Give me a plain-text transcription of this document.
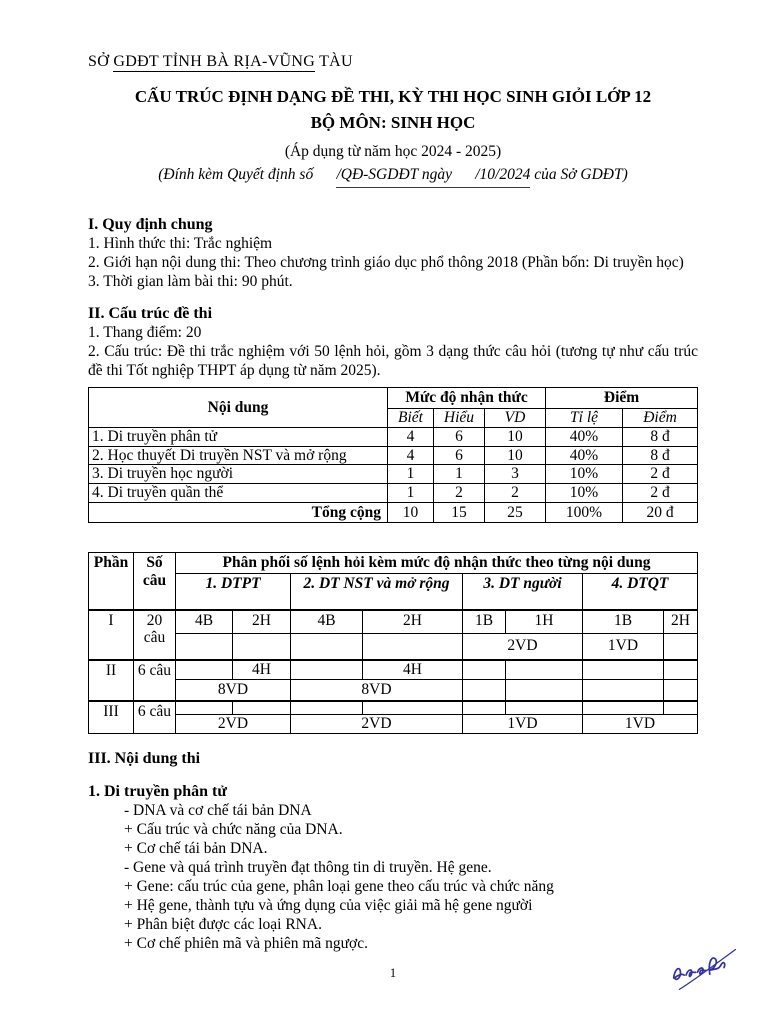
SỞ GDĐT TỈNH BÀ RỊA-VŨNG TÀU
CẤU TRÚC ĐỊNH DẠNG ĐỀ THI, KỲ THI HỌC SINH GIỎI LỚP 12
BỘ MÔN: SINH HỌC
(Áp dụng từ năm học 2024 - 2025)
(Đính kèm Quyết định số      /QĐ-SGDĐT ngày      /10/2024 của Sở GDĐT)
I. Quy định chung

1. Hình thức thi: Trắc nghiệm

2. Giới hạn nội dung thi: Theo chương trình giáo dục phổ thông 2018 (Phần bốn: Di truyền học)

3. Thời gian làm bài thi: 90 phút.

II. Cấu trúc đề thi

1. Thang điểm: 20

2. Cấu trúc: Đề thi trắc nghiệm với 50 lệnh hỏi, gồm 3 dạng thức câu hỏi (tương tự như cấu trúc đề thi Tốt nghiệp THPT áp dụng từ năm 2025).

Nội dung	Mức độ nhận thức			Điểm	
	Biết	Hiểu	VD	Tỉ lệ	Điểm
1. Di truyền phân tử	4	6	10	40%	8 đ
2. Học thuyết Di truyền NST và mở rộng	4	6	10	40%	8 đ
3. Di truyền học người	1	1	3	10%	2 đ
4. Di truyền quần thể	1	2	2	10%	2 đ
Tổng cộng	10	15	25	100%	20 đ
Phần	Số câu	Phân phối số lệnh hỏi kèm mức độ nhận thức theo từng nội dung							
		1. DTPT		2. DT NST và mở rộng		3. DT người		4. DTQT	
I	20 câu	4B	2H	4B	2H	1B	1H	1B	2H
						2VD		1VD	
II	6 câu		4H		4H				
		8VD		8VD					
III	6 câu								
		2VD		2VD		1VD		1VD	
III. Nội dung thi
1. Di truyền phân tử

- DNA và cơ chế tái bản DNA

+ Cấu trúc và chức năng của DNA.

+ Cơ chế tái bản DNA.

- Gene và quá trình truyền đạt thông tin di truyền. Hệ gene.

+ Gene: cấu trúc của gene, phân loại gene theo cấu trúc và chức năng

+ Hệ gene, thành tựu và ứng dụng của việc giải mã hệ gene người

+ Phân biệt được các loại RNA.

+ Cơ chế phiên mã và phiên mã ngược.

1
